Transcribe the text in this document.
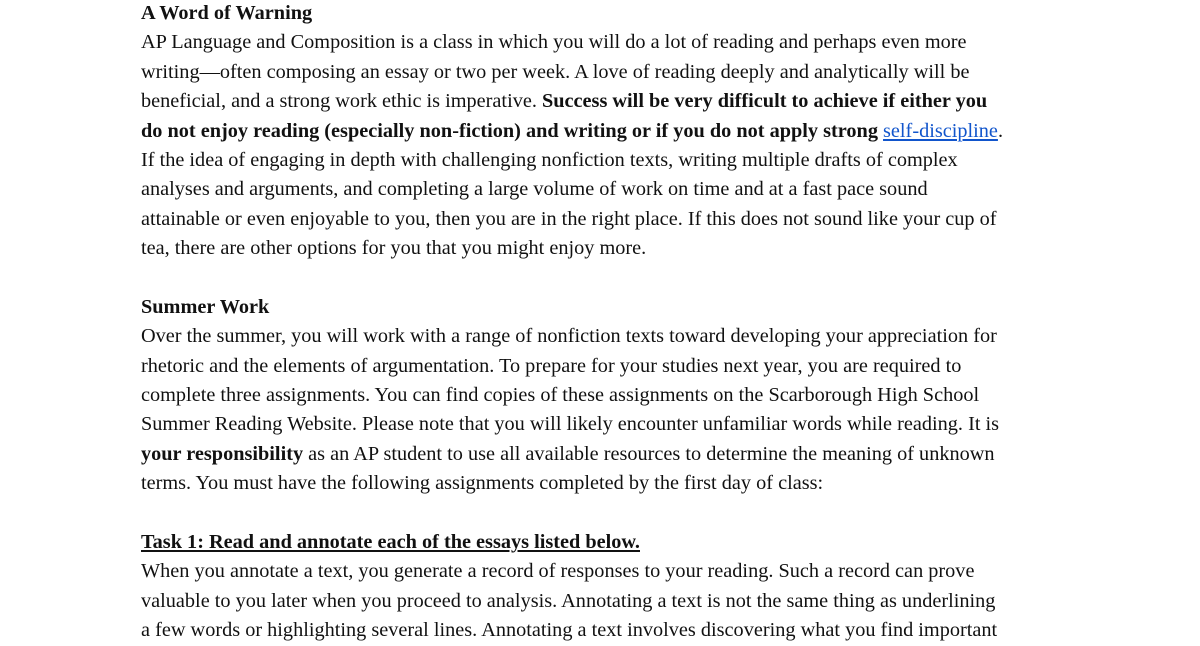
A Word of Warning
AP Language and Composition is a class in which you will do a lot of reading and perhaps even more
writing—often composing an essay or two per week. A love of reading deeply and analytically will be
beneficial, and a strong work ethic is imperative. Success will be very difficult to achieve if either you
do not enjoy reading (especially non-fiction) and writing or if you do not apply strong self-discipline.
If the idea of engaging in depth with challenging nonfiction texts, writing multiple drafts of complex
analyses and arguments, and completing a large volume of work on time and at a fast pace sound
attainable or even enjoyable to you, then you are in the right place. If this does not sound like your cup of
tea, there are other options for you that you might enjoy more.
Summer Work
Over the summer, you will work with a range of nonfiction texts toward developing your appreciation for
rhetoric and the elements of argumentation. To prepare for your studies next year, you are required to
complete three assignments. You can find copies of these assignments on the Scarborough High School
Summer Reading Website. Please note that you will likely encounter unfamiliar words while reading. It is
your responsibility as an AP student to use all available resources to determine the meaning of unknown
terms. You must have the following assignments completed by the first day of class:
Task 1: Read and annotate each of the essays listed below.
When you annotate a text, you generate a record of responses to your reading. Such a record can prove
valuable to you later when you proceed to analysis. Annotating a text is not the same thing as underlining
a few words or highlighting several lines. Annotating a text involves discovering what you find important
